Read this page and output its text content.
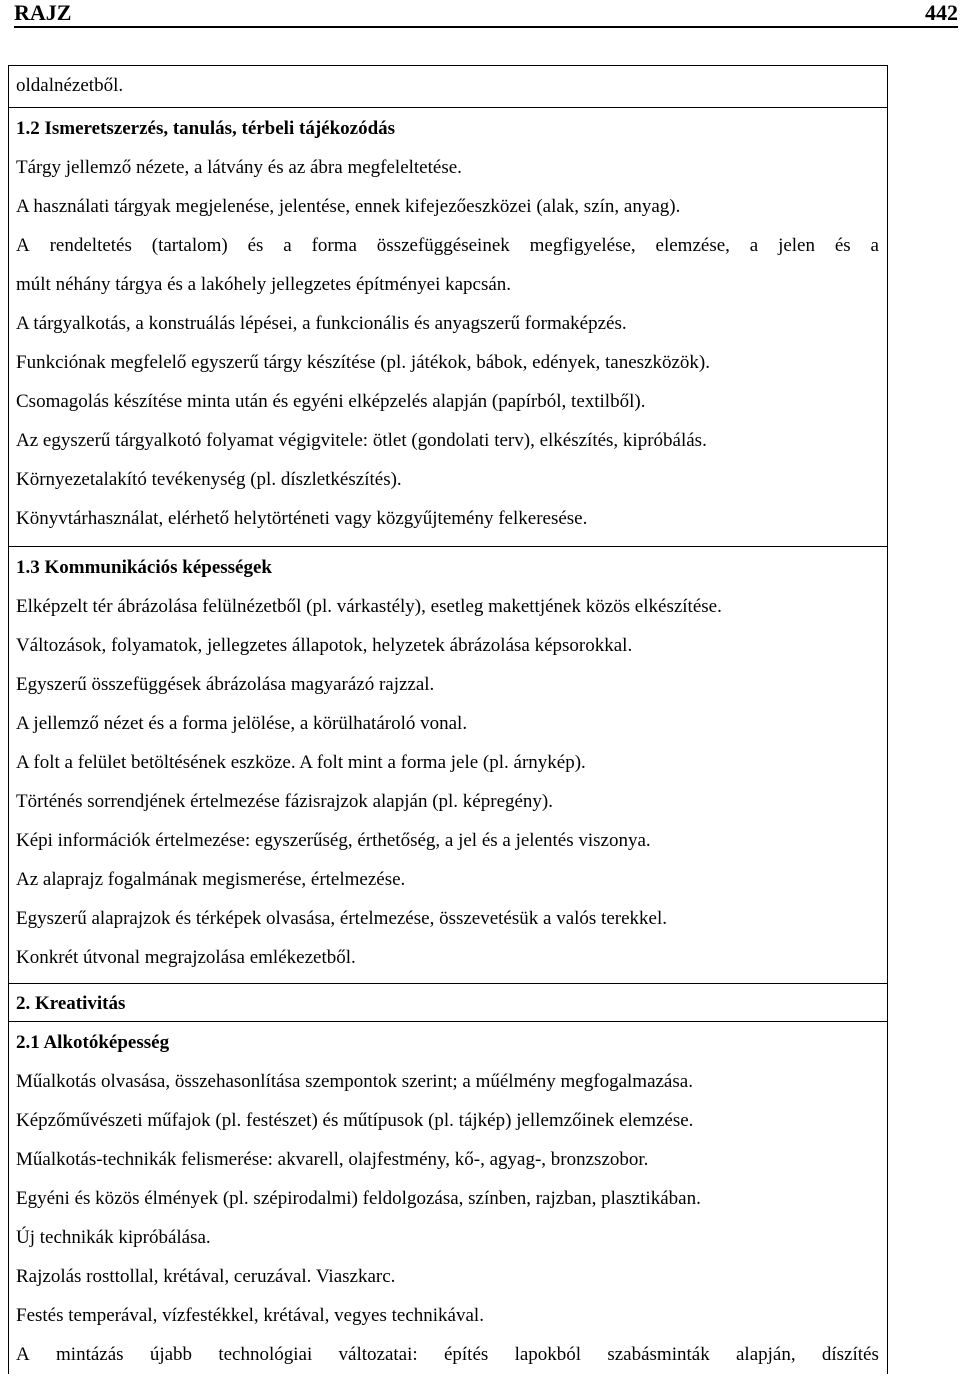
RAJZ	442
oldalnézetből.
1.2 Ismeretszerzés, tanulás, térbeli tájékozódás
Tárgy jellemző nézete, a látvány és az ábra megfeleltetése.
A használati tárgyak megjelenése, jelentése, ennek kifejezőeszközei (alak, szín, anyag).
A rendeltetés (tartalom) és a forma összefüggéseinek megfigyelése, elemzése, a jelen és a
múlt néhány tárgya és a lakóhely jellegzetes építményei kapcsán.
A tárgyalkotás, a konstruálás lépései, a funkcionális és anyagszerű formaképzés.
Funkciónak megfelelő egyszerű tárgy készítése (pl. játékok, bábok, edények, taneszközök).
Csomagolás készítése minta után és egyéni elképzelés alapján (papírból, textilből).
Az egyszerű tárgyalkotó folyamat végigvitele: ötlet (gondolati terv), elkészítés, kipróbálás.
Környezetalakító tevékenység (pl. díszletkészítés).
Könyvtárhasználat, elérhető helytörténeti vagy közgyűjtemény felkeresése.
1.3 Kommunikációs képességek
Elképzelt tér ábrázolása felülnézetből (pl. várkastély), esetleg makettjének közös elkészítése.
Változások, folyamatok, jellegzetes állapotok, helyzetek ábrázolása képsorokkal.
Egyszerű összefüggések ábrázolása magyarázó rajzzal.
A jellemző nézet és a forma jelölése, a körülhatároló vonal.
A folt a felület betöltésének eszköze. A folt mint a forma jele (pl. árnykép).
Történés sorrendjének értelmezése fázisrajzok alapján (pl. képregény).
Képi információk értelmezése: egyszerűség, érthetőség, a jel és a jelentés viszonya.
Az alaprajz fogalmának megismerése, értelmezése.
Egyszerű alaprajzok és térképek olvasása, értelmezése, összevetésük a valós terekkel.
Konkrét útvonal megrajzolása emlékezetből.
2. Kreativitás
2.1 Alkotóképesség
Műalkotás olvasása, összehasonlítása szempontok szerint; a műélmény megfogalmazása.
Képzőművészeti műfajok (pl. festészet) és műtípusok (pl. tájkép) jellemzőinek elemzése.
Műalkotás-technikák felismerése: akvarell, olajfestmény, kő-, agyag-, bronzszobor.
Egyéni és közös élmények (pl. szépirodalmi) feldolgozása, színben, rajzban, plasztikában.
Új technikák kipróbálása.
Rajzolás rosttollal, krétával, ceruzával. Viaszkarc.
Festés temperával, vízfestékkel, krétával, vegyes technikával.
A mintázás újabb technológiai változatai: építés lapokból szabásminták alapján, díszítés
